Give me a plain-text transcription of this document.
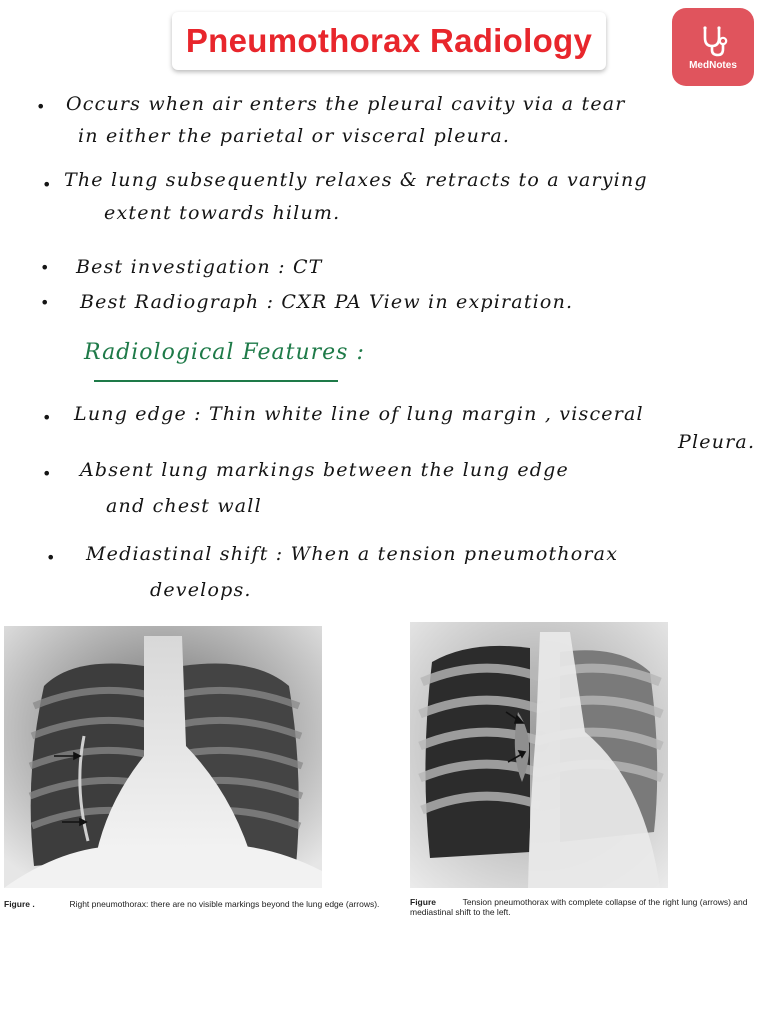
Pneumothorax Radiology
MedNotes
• Occurs when air enters the pleural cavity via a tear
in either the parietal or visceral pleura.
• The lung subsequently relaxes & retracts to a varying
extent towards hilum.
• Best investigation : CT
• Best Radiograph : CXR PA View in expiration.
Radiological Features :
• Lung edge : Thin white line of lung margin , visceral
Pleura.
• Absent lung markings between the lung edge
and chest wall
• Mediastinal shift : When a tension pneumothorax
develops.
Figure .	Right pneumothorax: there are no visible markings beyond the lung edge (arrows).	Figure	Tension pneumothorax with complete collapse of the right lung (arrows) and mediastinal shift to the left.
